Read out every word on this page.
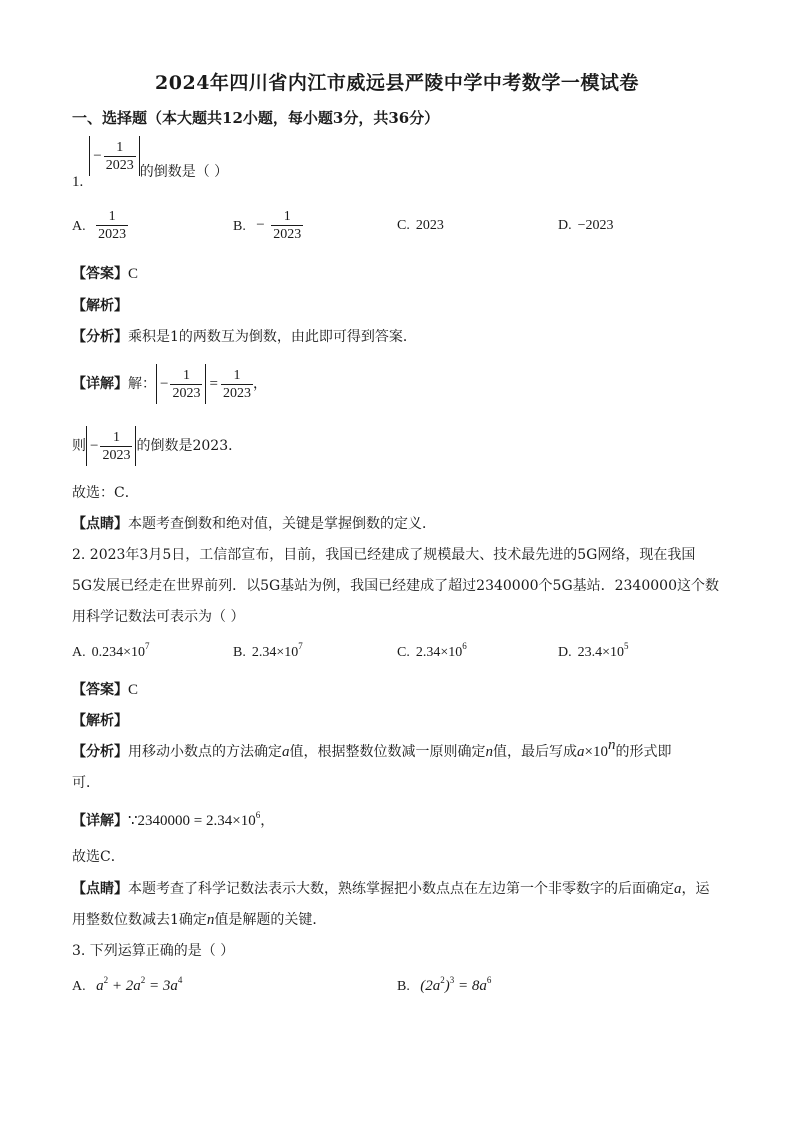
2024年四川省内江市威远县严陵中学中考数学一模试卷
一、选择题（本大题共12小题，每小题3分，共36分）
1.
− $\frac{1}{2023}$ 的倒数是（ ）
A. $\frac{1}{2023}$	B. − $\frac{1}{2023}$	C. 2023	D. −2023
【答案】C
【解析】
【分析】乘积是1的两数互为倒数，由此即可得到答案．
【详解】 解： − $\frac{1}{2023} = \frac{1}{2023}$ ，
则 − $\frac{1}{2023}$ 的倒数是2023．
故选：C．
【点睛】本题考查倒数和绝对值，关键是掌握倒数的定义．
2. 2023年3月5日，工信部宣布，目前，我国已经建成了规模最大、技术最先进的5G网络，现在我国
5G发展已经走在世界前列．以5G基站为例，我国已经建成了超过2340000个5G基站．2340000这个数
用科学记数法可表示为（ ）
A. $0.234\times 10^7$	B. $2.34\times 10^7$	C. $2.34\times 10^6$	D. $23.4\times 10^5$
【答案】C
【解析】
【分析】用移动小数点的方法确定a值，根据整数位数减一原则确定n值，最后写成$a\times 10^n$的形式即
可．
【详解】∵2340000 = $2.34\times 10^6$，
故选C．
【点睛】本题考查了科学记数法表示大数，熟练掌握把小数点点在左边第一个非零数字的后面确定a，运
用整数位数减去1确定n值是解题的关键．
3. 下列运算正确的是（ ）
A. $a^2 + 2a^2 = 3a^4$	B. $(2a^2)^3 = 8a^6$
